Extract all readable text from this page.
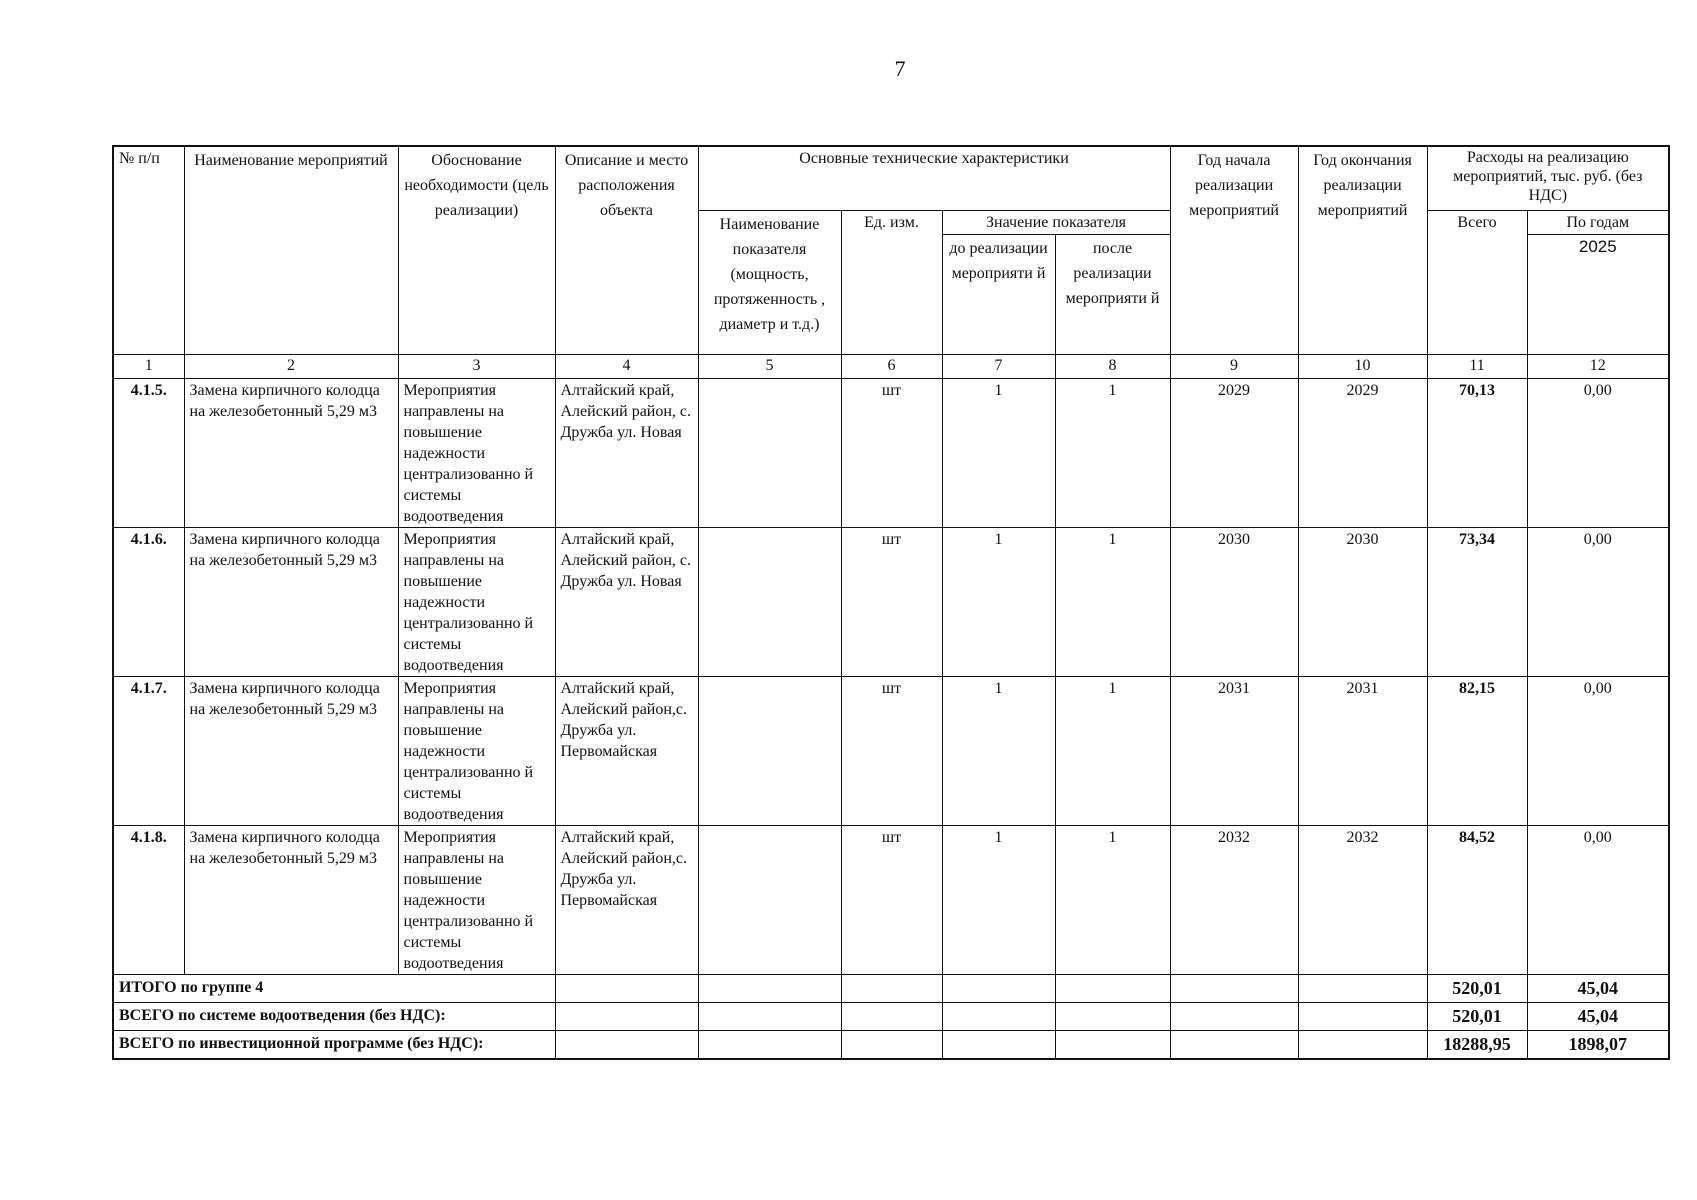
7
№ п/п	Наименование мероприятий	Обоснование необходимости (цель реализации)	Описание и место расположения объекта	Основные технические характеристики				Год начала реализации мероприятий	Год окончания реализации мероприятий	Расходы на реализацию мероприятий, тыс. руб. (без НДС)	
				Наименование показателя (мощность, протяженность , диаметр и т.д.)	Ед. изм.	Значение показателя				Всего	По годам
						до реализации мероприяти й	после реализации мероприяти й				2025
1	2	3	4	5	6	7	8	9	10	11	12
4.1.5.	Замена кирпичного колодца на железобетонный 5,29 м3	Мероприятия направлены на повышение надежности централизованно й системы водоотведения	Алтайский край, Алейский район, с. Дружба ул. Новая		шт	1	1	2029	2029	70,13	0,00
4.1.6.	Замена кирпичного колодца на железобетонный 5,29 м3	Мероприятия направлены на повышение надежности централизованно й системы водоотведения	Алтайский край, Алейский район, с. Дружба ул. Новая		шт	1	1	2030	2030	73,34	0,00
4.1.7.	Замена кирпичного колодца на железобетонный 5,29 м3	Мероприятия направлены на повышение надежности централизованно й системы водоотведения	Алтайский край, Алейский район,с. Дружба ул. Первомайская		шт	1	1	2031	2031	82,15	0,00
4.1.8.	Замена кирпичного колодца на железобетонный 5,29 м3	Мероприятия направлены на повышение надежности централизованно й системы водоотведения	Алтайский край, Алейский район,с. Дружба ул. Первомайская		шт	1	1	2032	2032	84,52	0,00
ИТОГО по группе 4										520,01	45,04
ВСЕГО по системе водоотведения (без НДС):										520,01	45,04
ВСЕГО по инвестиционной программе (без НДС):										18288,95	1898,07
